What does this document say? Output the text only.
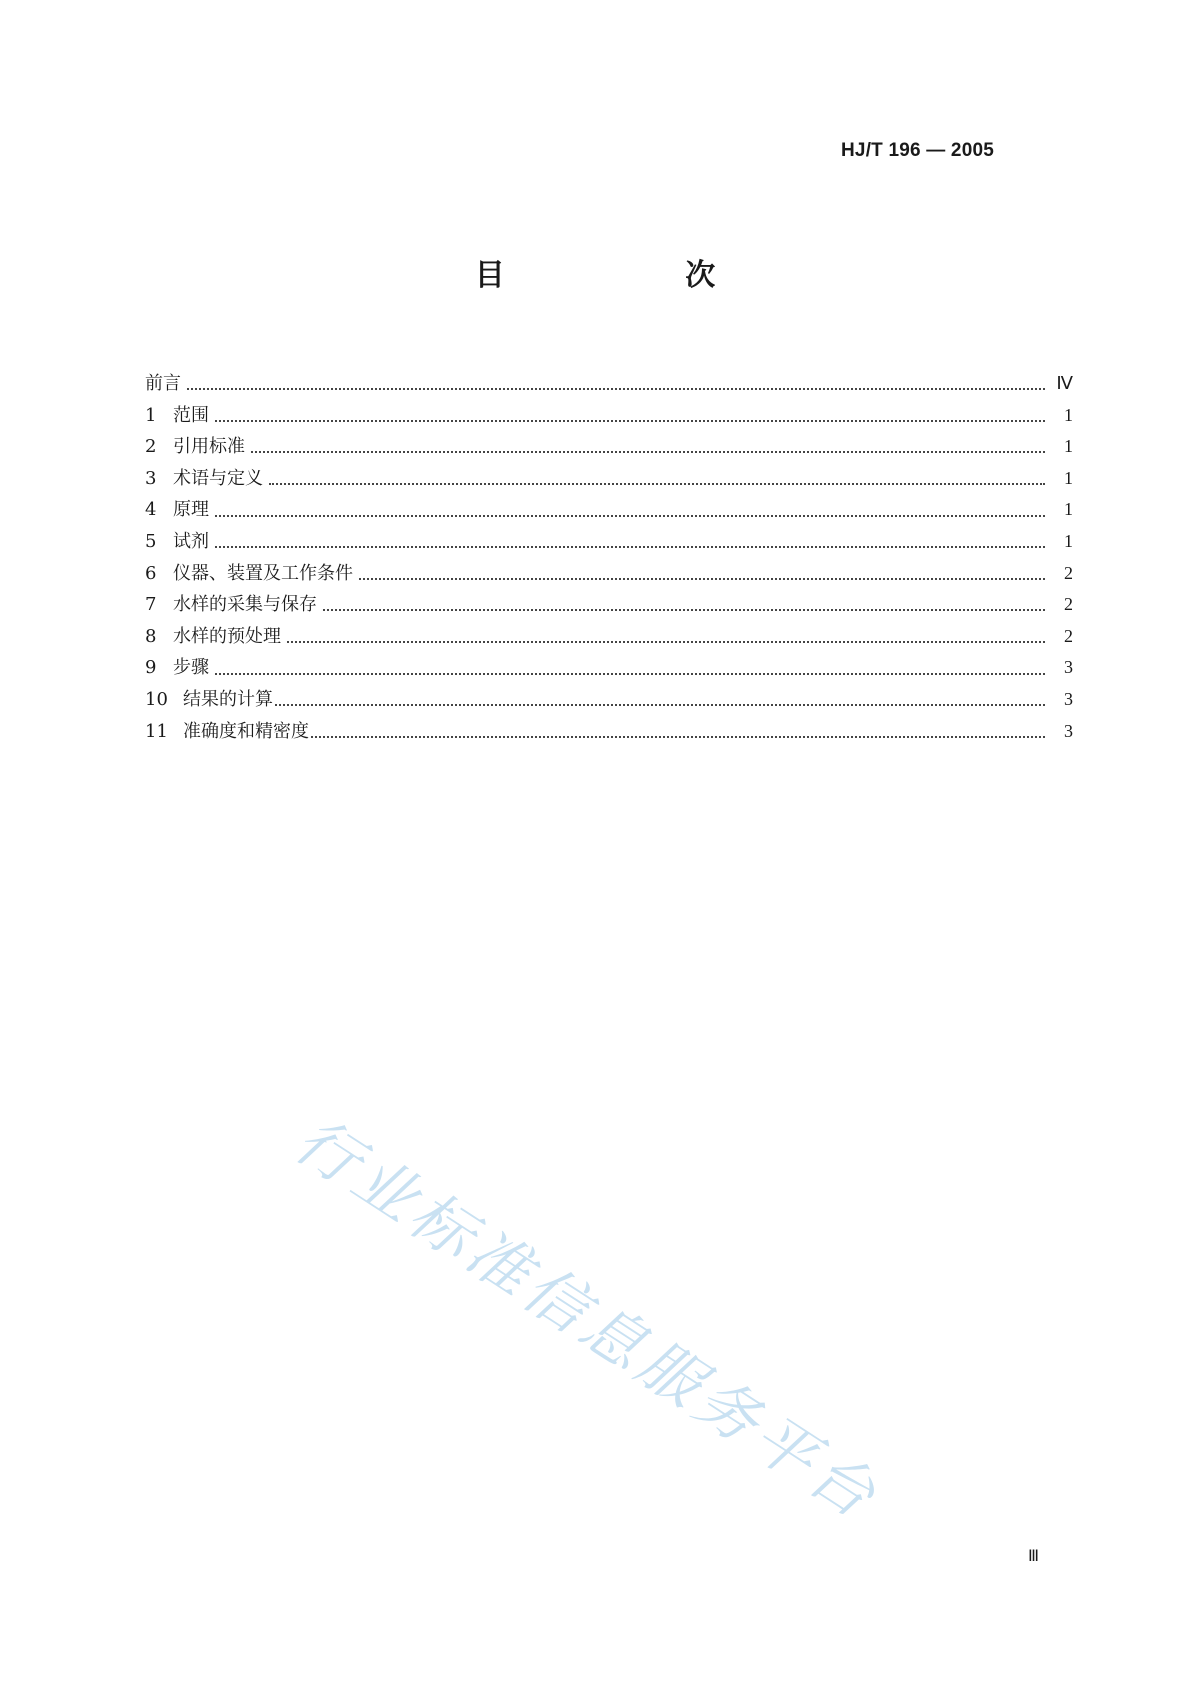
HJ/T 196 — 2005
目 次
前言	Ⅳ
1 范围	1
2 引用标准	1
3 术语与定义	1
4 原理	1
5 试剂	1
6 仪器、装置及工作条件	2
7 水样的采集与保存	2
8 水样的预处理	2
9 步骤	3
10 结果的计算	3
11 准确度和精密度	3
行业标准信息服务平台
Ⅲ
